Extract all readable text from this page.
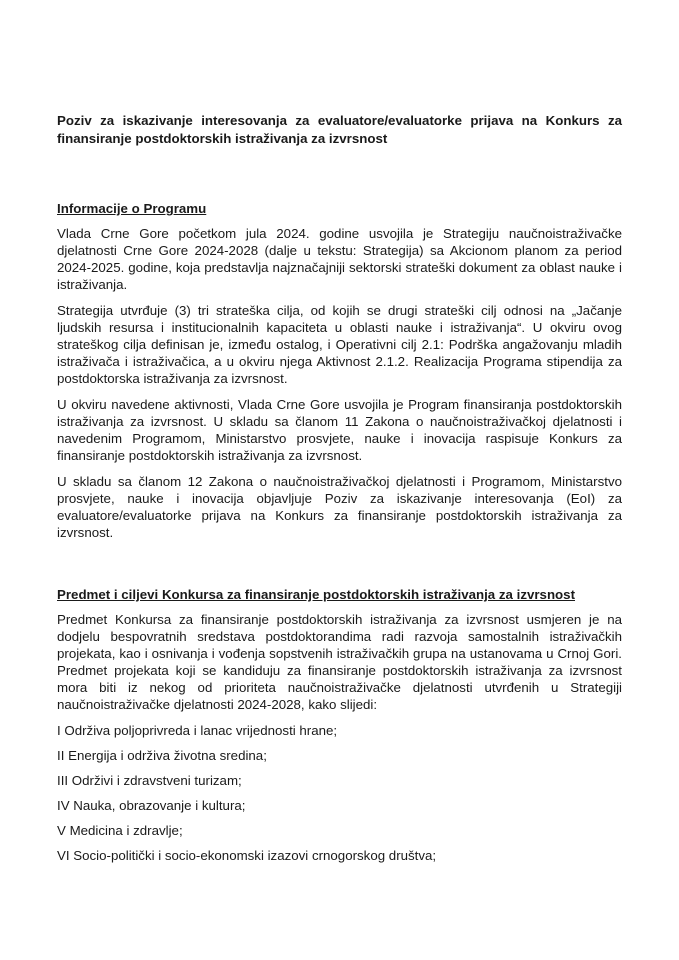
Poziv za iskazivanje interesovanja za evaluatore/evaluatorke prijava na Konkurs za finansiranje postdoktorskih istraživanja za izvrsnost
Informacije o Programu

Vlada Crne Gore početkom jula 2024. godine usvojila je Strategiju naučnoistraživačke djelatnosti Crne Gore 2024-2028 (dalje u tekstu: Strategija) sa Akcionom planom za period 2024-2025. godine, koja predstavlja najznačajniji sektorski strateški dokument za oblast nauke i istraživanja.

Strategija utvrđuje (3) tri strateška cilja, od kojih se drugi strateški cilj odnosi na „Jačanje ljudskih resursa i institucionalnih kapaciteta u oblasti nauke i istraživanja“. U okviru ovog strateškog cilja definisan je, između ostalog, i Operativni cilj 2.1: Podrška angažovanju mladih istraživača i istraživačica, a u okviru njega Aktivnost 2.1.2. Realizacija Programa stipendija za postdoktorska istraživanja za izvrsnost.

U okviru navedene aktivnosti, Vlada Crne Gore usvojila je Program finansiranja postdoktorskih istraživanja za izvrsnost. U skladu sa članom 11 Zakona o naučnoistraživačkoj djelatnosti i navedenim Programom, Ministarstvo prosvjete, nauke i inovacija raspisuje Konkurs za finansiranje postdoktorskih istraživanja za izvrsnost.

U skladu sa članom 12 Zakona o naučnoistraživačkoj djelatnosti i Programom, Ministarstvo prosvjete, nauke i inovacija objavljuje Poziv za iskazivanje interesovanja (EoI) za evaluatore/evaluatorke prijava na Konkurs za finansiranje postdoktorskih istraživanja za izvrsnost.

Predmet i ciljevi Konkursa za finansiranje postdoktorskih istraživanja za izvrsnost

Predmet Konkursa za finansiranje postdoktorskih istraživanja za izvrsnost usmjeren je na dodjelu bespovratnih sredstava postdoktorandima radi razvoja samostalnih istraživačkih projekata, kao i osnivanja i vođenja sopstvenih istraživačkih grupa na ustanovama u Crnoj Gori. Predmet projekata koji se kandiduju za finansiranje postdoktorskih istraživanja za izvrsnost mora biti iz nekog od prioriteta naučnoistraživačke djelatnosti utvrđenih u Strategiji naučnoistraživačke djelatnosti 2024-2028, kako slijedi:

I Održiva poljoprivreda i lanac vrijednosti hrane;
II Energija i održiva životna sredina;
III Održivi i zdravstveni turizam;
IV Nauka, obrazovanje i kultura;
V Medicina i zdravlje;
VI Socio-politički i socio-ekonomski izazovi crnogorskog društva;
